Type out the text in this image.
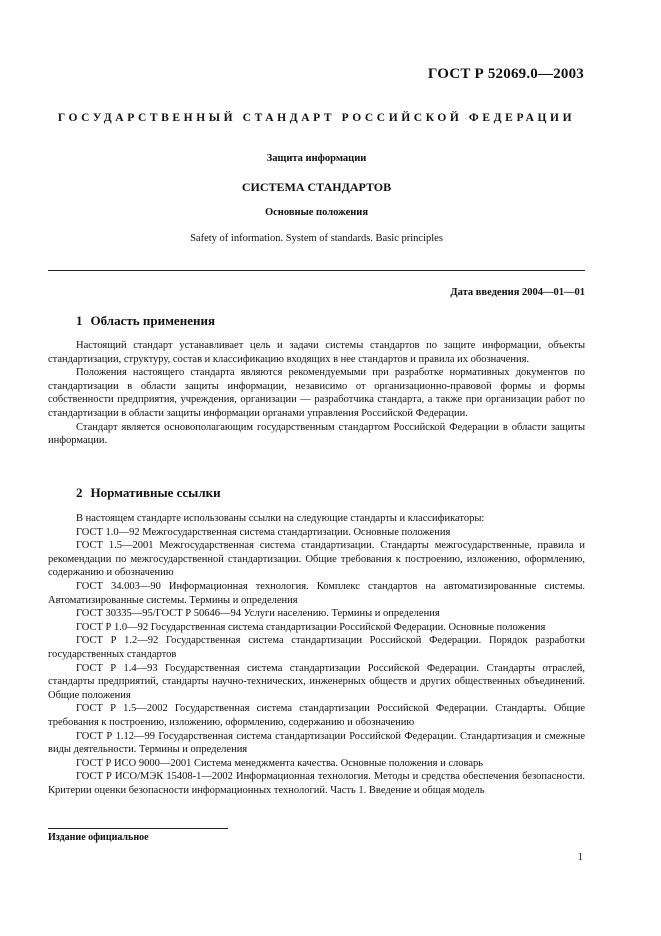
ГОСТ Р 52069.0—2003
ГОСУДАРСТВЕННЫЙ СТАНДАРТ РОССИЙСКОЙ ФЕДЕРАЦИИ
Защита информации
СИСТЕМА СТАНДАРТОВ
Основные положения
Safety of information. System of standards. Basic principles
Дата введения 2004—01—01
1 Область применения

Настоящий стандарт устанавливает цель и задачи системы стандартов по защите информации, объекты стандартизации, структуру, состав и классификацию входящих в нее стандартов и правила их обозначения.

Положения настоящего стандарта являются рекомендуемыми при разработке нормативных документов по стандартизации в области защиты информации, независимо от организационно-правовой формы и формы собственности предприятия, учреждения, организации — разработчика стандарта, а также при организации работ по стандартизации в области защиты информации органами управления Российской Федерации.

Стандарт является основополагающим государственным стандартом Российской Федерации в области защиты информации.

2 Нормативные ссылки

В настоящем стандарте использованы ссылки на следующие стандарты и классификаторы:

ГОСТ 1.0—92 Межгосударственная система стандартизации. Основные положения

ГОСТ 1.5—2001 Межгосударственная система стандартизации. Стандарты межгосударственные, правила и рекомендации по межгосударственной стандартизации. Общие требования к построению, изложению, оформлению, содержанию и обозначению

ГОСТ 34.003—90 Информационная технология. Комплекс стандартов на автоматизированные системы. Автоматизированные системы. Термины и определения

ГОСТ 30335—95/ГОСТ Р 50646—94 Услуги населению. Термины и определения

ГОСТ Р 1.0—92 Государственная система стандартизации Российской Федерации. Основные положения

ГОСТ Р 1.2—92 Государственная система стандартизации Российской Федерации. Порядок разработки государственных стандартов

ГОСТ Р 1.4—93 Государственная система стандартизации Российской Федерации. Стандарты отраслей, стандарты предприятий, стандарты научно-технических, инженерных обществ и других общественных объединений. Общие положения

ГОСТ Р 1.5—2002 Государственная система стандартизации Российской Федерации. Стандарты. Общие требования к построению, изложению, оформлению, содержанию и обозначению

ГОСТ Р 1.12—99 Государственная система стандартизации Российской Федерации. Стандартизация и смежные виды деятельности. Термины и определения

ГОСТ Р ИСО 9000—2001 Система менеджмента качества. Основные положения и словарь

ГОСТ Р ИСО/МЭК 15408-1—2002 Информационная технология. Методы и средства обеспечения безопасности. Критерии оценки безопасности информационных технологий. Часть 1. Введение и общая модель

Издание официальное
1
